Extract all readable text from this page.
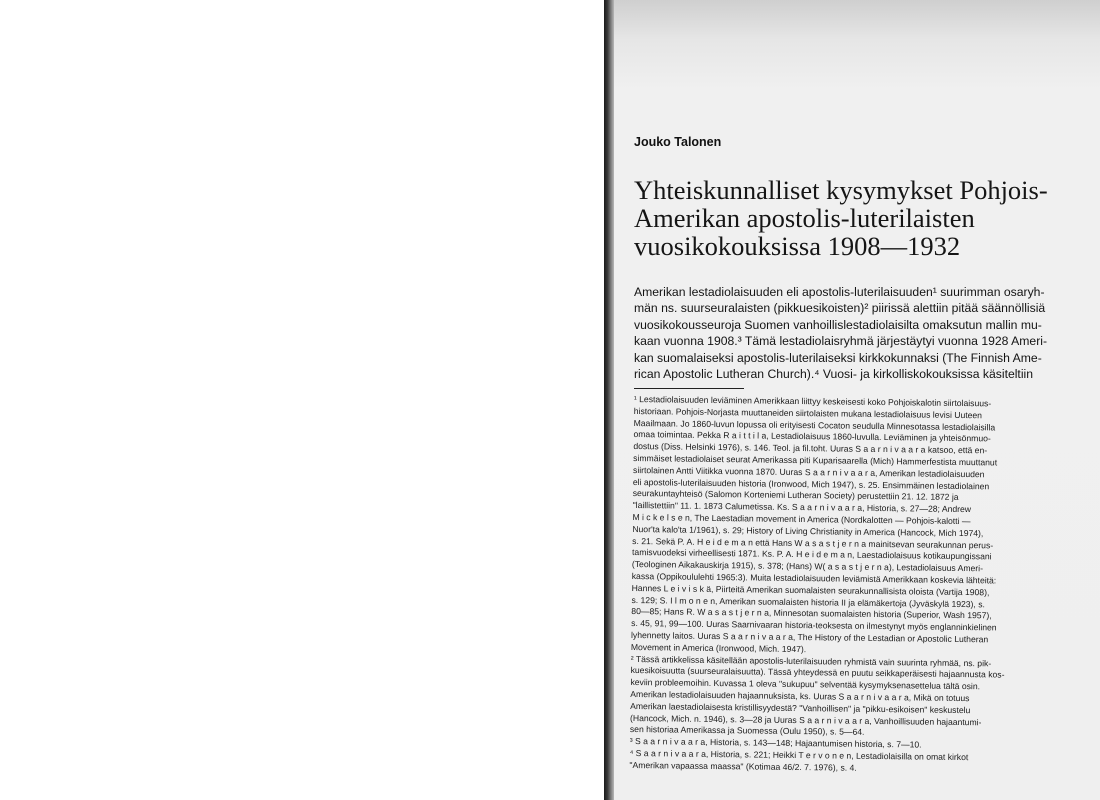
Jouko Talonen
Yhteiskunnalliset kysymykset Pohjois-
Amerikan apostolis-luterilaisten
vuosikokouksissa 1908—1932
Amerikan lestadiolaisuuden eli apostolis-luterilaisuuden¹ suurimman osaryh-
män ns. suurseuralaisten (pikkuesikoisten)² piirissä alettiin pitää säännöllisiä
vuosikokousseuroja Suomen vanhoillislestadiolaisilta omaksutun mallin mu-
kaan vuonna 1908.³ Tämä lestadiolaisryhmä järjestäytyi vuonna 1928 Ameri-
kan suomalaiseksi apostolis-luterilaiseksi kirkkokunnaksi (The Finnish Ame-
rican Apostolic Lutheran Church).⁴ Vuosi- ja kirkolliskokouksissa käsiteltiin
¹ Lestadiolaisuuden leviäminen Amerikkaan liittyy keskeisesti koko Pohjoiskalotin siirtolaisuus-
historiaan. Pohjois-Norjasta muuttaneiden siirtolaisten mukana lestadiolaisuus levisi Uuteen
Maailmaan. Jo 1860-luvun lopussa oli erityisesti Cocaton seudulla Minnesotassa lestadiolaisilla
omaa toimintaa. Pekka R a i t t i l a, Lestadiolaisuus 1860-luvulla. Leviäminen ja yhteisönmuo-
dostus (Diss. Helsinki 1976), s. 146. Teol. ja fil.toht. Uuras S a a r n i v a a r a katsoo, että en-
simmäiset lestadiolaiset seurat Amerikassa piti Kuparisaarella (Mich) Hammerfestista muuttanut
siirtolainen Antti Viitikka vuonna 1870. Uuras S a a r n i v a a r a, Amerikan lestadiolaisuuden
eli apostolis-luterilaisuuden historia (Ironwood, Mich 1947), s. 25. Ensimmäinen lestadiolainen
seurakuntayhteisö (Salomon Korteniemi Lutheran Society) perustettiin 21. 12. 1872 ja
"laillistettiin" 11. 1. 1873 Calumetissa. Ks. S a a r n i v a a r a, Historia, s. 27—28; Andrew
M i c k e l s e n, The Laestadian movement in America (Nordkalotten — Pohjois-kalotti —
Nuor'ta kalo'ta 1/1961), s. 29; History of Living Christianity in America (Hancock, Mich 1974),
s. 21. Sekä P. A. H e i d e m a n että Hans W a s a s t j e r n a mainitsevan seurakunnan perus-
tamisvuodeksi virheellisesti 1871. Ks. P. A. H e i d e m a n, Laestadiolaisuus kotikaupungissani
(Teologinen Aikakauskirja 1915), s. 378; (Hans) W( a s a s t j e r n a), Lestadiolaisuus Ameri-
kassa (Oppikoululehti 1965:3). Muita lestadiolaisuuden leviämistä Amerikkaan koskevia lähteitä:
Hannes L e i v i s k ä, Piirteitä Amerikan suomalaisten seurakunnallisista oloista (Vartija 1908),
s. 129; S. I l m o n e n, Amerikan suomalaisten historia II ja elämäkertoja (Jyväskylä 1923), s.
80—85; Hans R. W a s a s t j e r n a, Minnesotan suomalaisten historia (Superior, Wash 1957),
s. 45, 91, 99—100. Uuras Saarnivaaran historia-teoksesta on ilmestynyt myös englanninkielinen
lyhennetty laitos. Uuras S a a r n i v a a r a, The History of the Lestadian or Apostolic Lutheran
Movement in America (Ironwood, Mich. 1947).
² Tässä artikkelissa käsitellään apostolis-luterilaisuuden ryhmistä vain suurinta ryhmää, ns. pik-
kuesikoisuutta (suurseuralaisuutta). Tässä yhteydessä en puutu seikkaperäisesti hajaannusta kos-
keviin probleemoihin. Kuvassa 1 oleva "sukupuu" selventää kysymyksenasettelua tältä osin.
Amerikan lestadiolaisuuden hajaannuksista, ks. Uuras S a a r n i v a a r a, Mikä on totuus
Amerikan laestadiolaisesta kristillisyydestä? "Vanhoillisen" ja "pikku-esikoisen" keskustelu
(Hancock, Mich. n. 1946), s. 3—28 ja Uuras S a a r n i v a a r a, Vanhoillisuuden hajaantumi-
sen historiaa Amerikassa ja Suomessa (Oulu 1950), s. 5—64.
³ S a a r n i v a a r a, Historia, s. 143—148; Hajaantumisen historia, s. 7—10.
⁴ S a a r n i v a a r a, Historia, s. 221; Heikki T e r v o n e n, Lestadiolaisilla on omat kirkot
"Amerikan vapaassa maassa" (Kotimaa 46/2. 7. 1976), s. 4.
